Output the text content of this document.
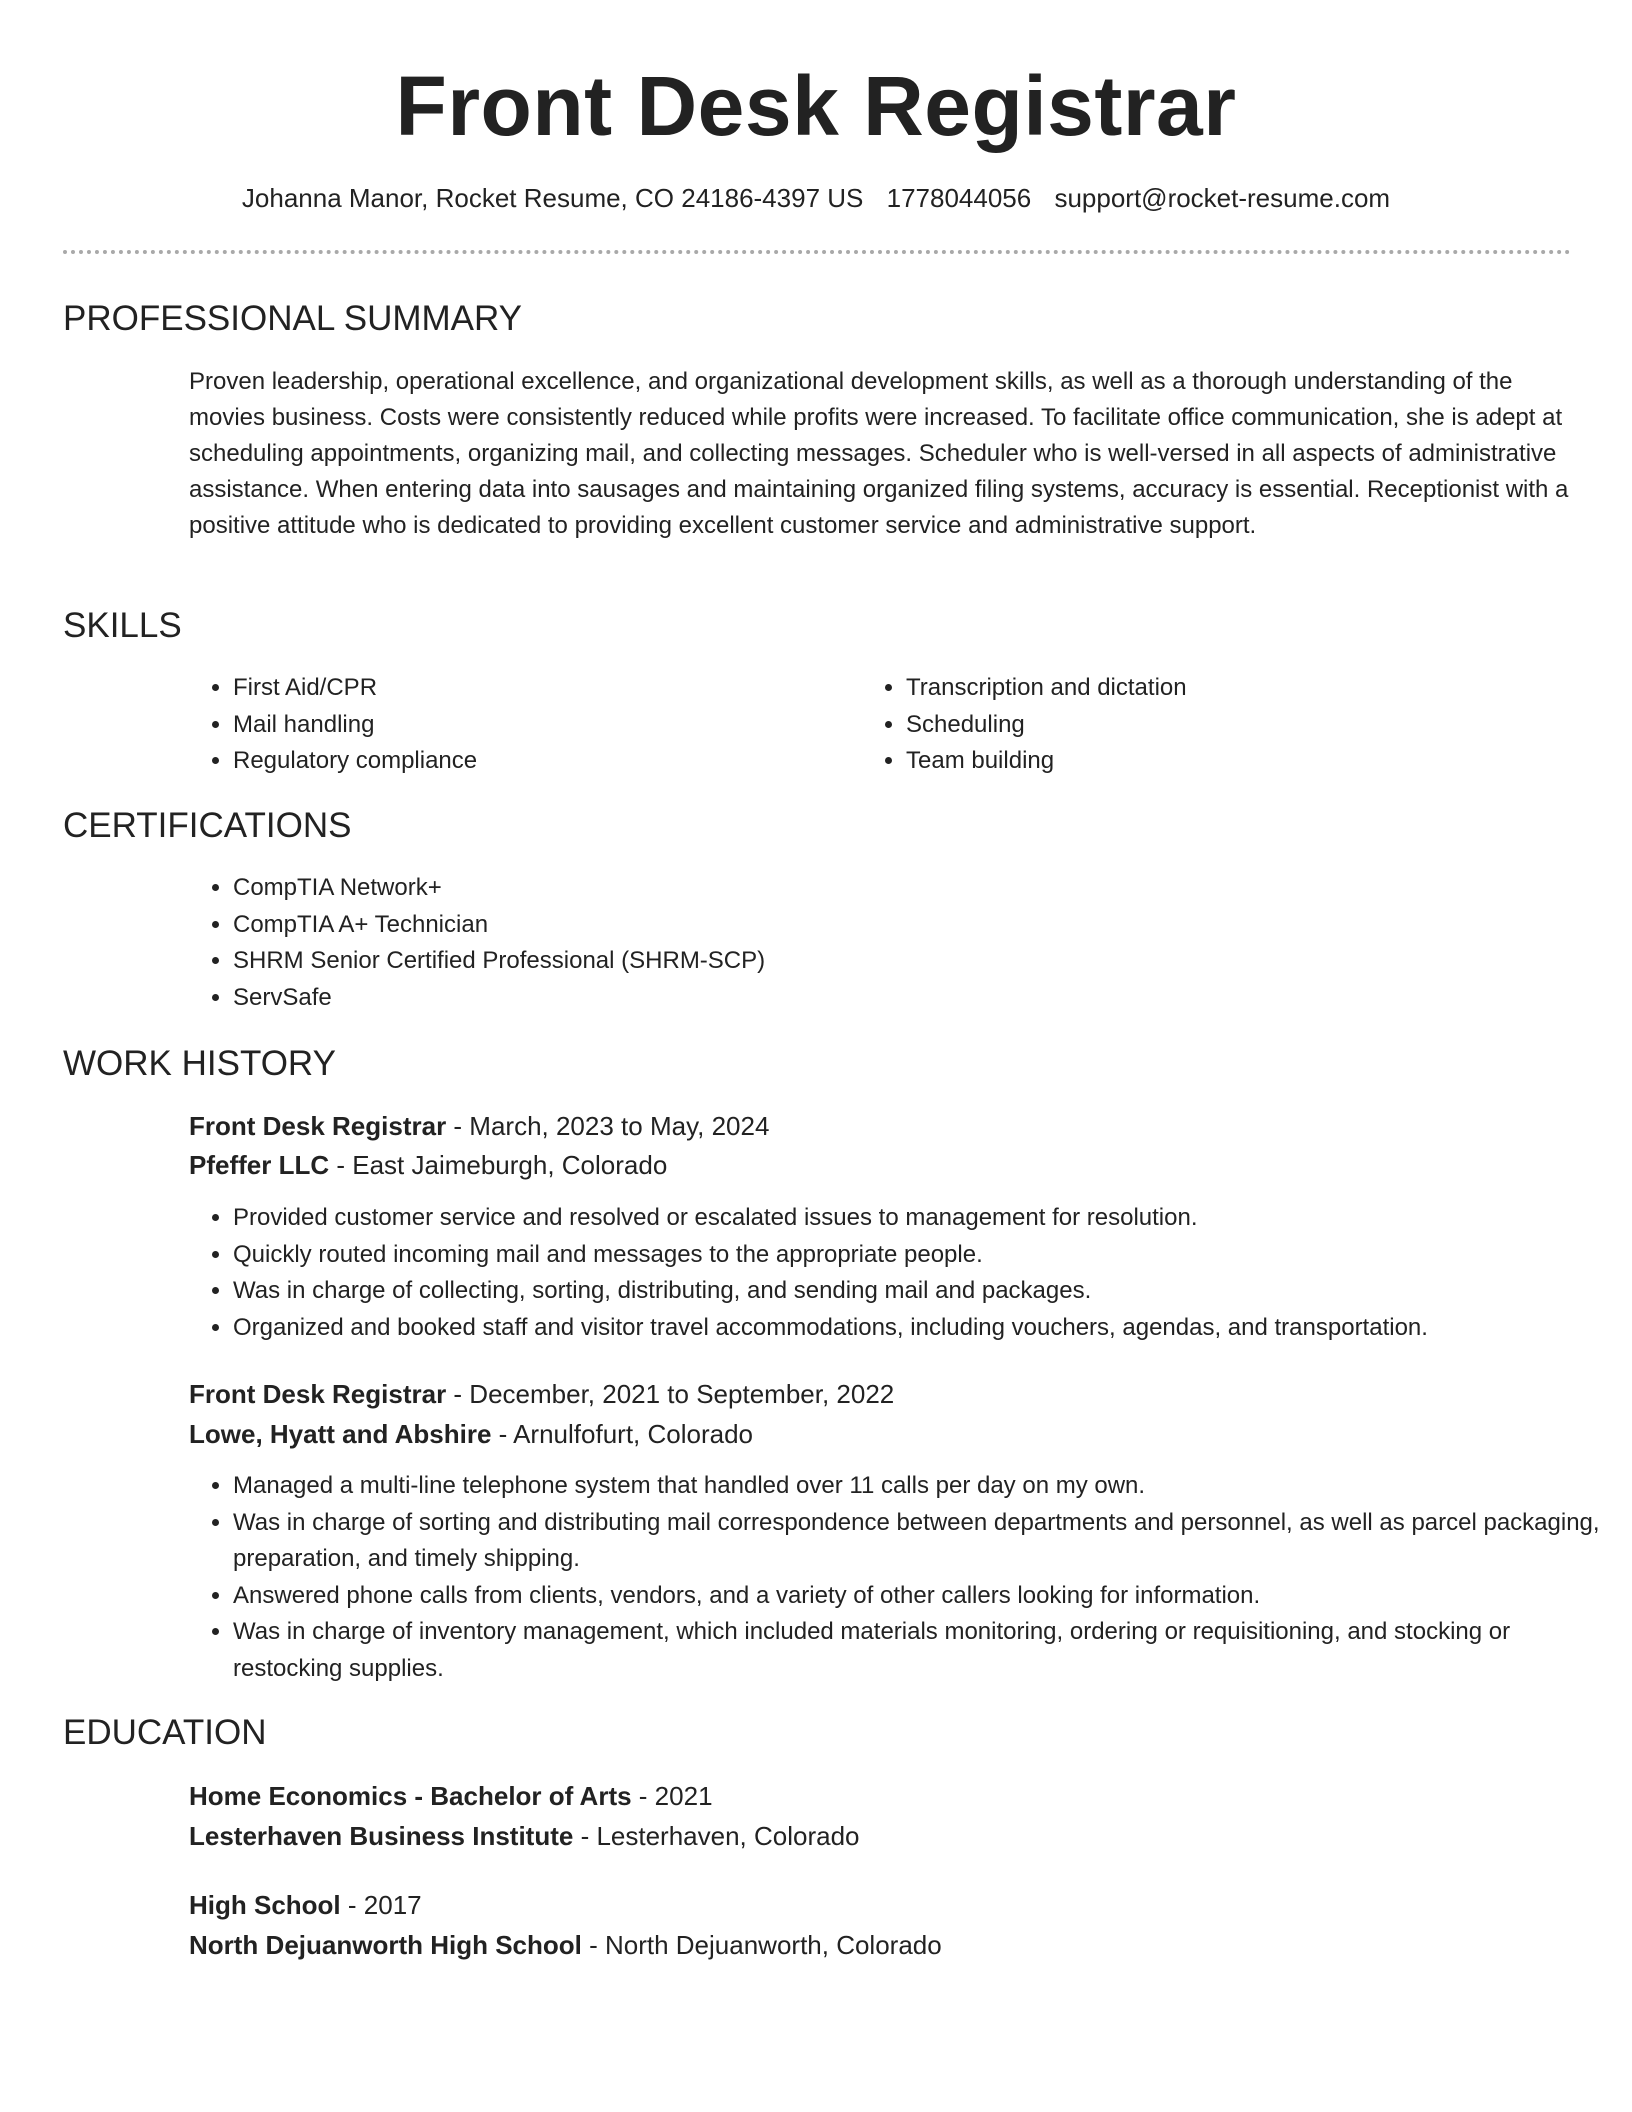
Front Desk Registrar
Johanna Manor, Rocket Resume, CO 24186-4397 US 1778044056 support@rocket-resume.com
PROFESSIONAL SUMMARY

Proven leadership, operational excellence, and organizational development skills, as well as a thorough understanding of the movies business. Costs were consistently reduced while profits were increased. To facilitate office communication, she is adept at scheduling appointments, organizing mail, and collecting messages. Scheduler who is well-versed in all aspects of administrative assistance. When entering data into sausages and maintaining organized filing systems, accuracy is essential. Receptionist with a positive attitude who is dedicated to providing excellent customer service and administrative support.

SKILLS
• First Aid/CPR
• Mail handling
• Regulatory compliance
• Transcription and dictation
• Scheduling
• Team building
CERTIFICATIONS
• CompTIA Network+
• CompTIA A+ Technician
• SHRM Senior Certified Professional (SHRM-SCP)
• ServSafe
WORK HISTORY
Front Desk Registrar - March, 2023 to May, 2024
Pfeffer LLC - East Jaimeburgh, Colorado
• Provided customer service and resolved or escalated issues to management for resolution.
• Quickly routed incoming mail and messages to the appropriate people.
• Was in charge of collecting, sorting, distributing, and sending mail and packages.
• Organized and booked staff and visitor travel accommodations, including vouchers, agendas, and transportation.
Front Desk Registrar - December, 2021 to September, 2022
Lowe, Hyatt and Abshire - Arnulfofurt, Colorado
• Managed a multi-line telephone system that handled over 11 calls per day on my own.
• Was in charge of sorting and distributing mail correspondence between departments and personnel, as well as parcel packaging, preparation, and timely shipping.
• Answered phone calls from clients, vendors, and a variety of other callers looking for information.
• Was in charge of inventory management, which included materials monitoring, ordering or requisitioning, and stocking or restocking supplies.
EDUCATION
Home Economics - Bachelor of Arts - 2021
Lesterhaven Business Institute - Lesterhaven, Colorado
High School - 2017
North Dejuanworth High School - North Dejuanworth, Colorado
